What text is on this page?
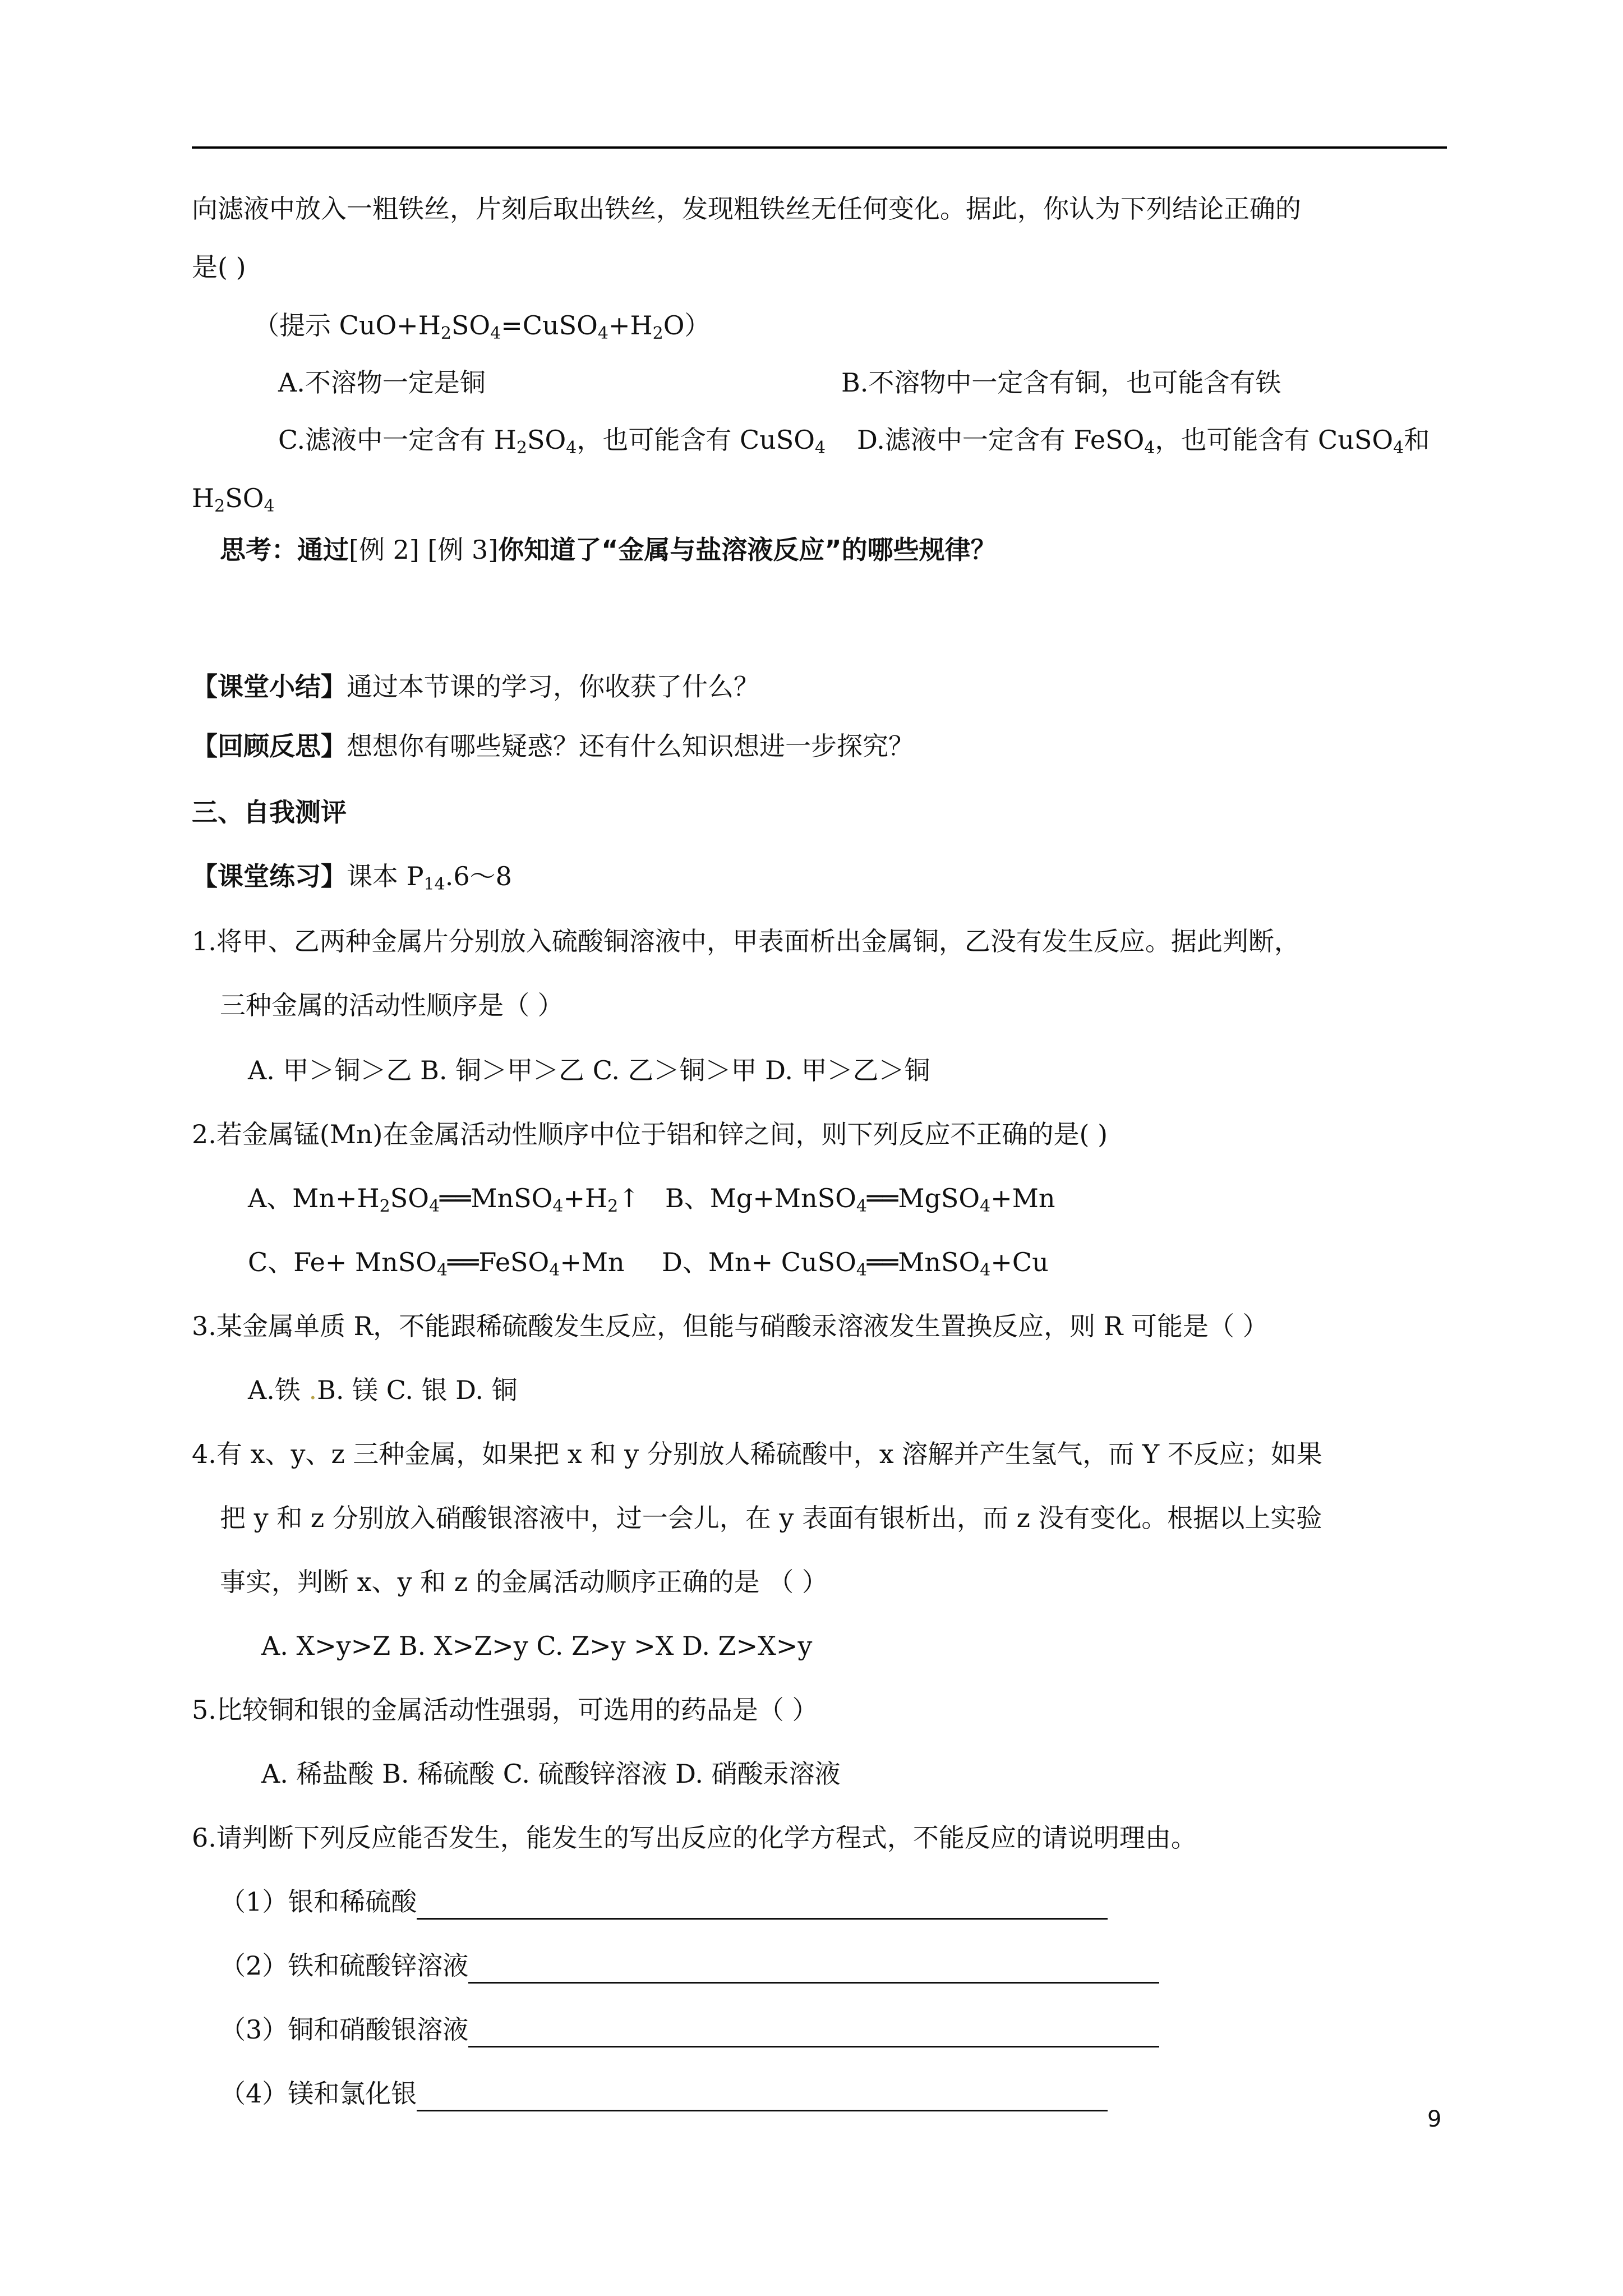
向滤液中放入一粗铁丝，片刻后取出铁丝，发现粗铁丝无任何变化。据此，你认为下列结论正确的
是( )
（提示 $CuO+H_2SO_4=CuSO_4+H_2O$）
A.不溶物一定是铜	B.不溶物中一定含有铜，也可能含有铁
C.滤液中一定含有 $H_2SO_4$，也可能含有 CuSO$_4$ D.滤液中一定含有 FeSO$_4$，也可能含有 CuSO$_4$和
$H_2SO_4$
思考：通过[例 2] [例 3]你知道了“金属与盐溶液反应”的哪些规律？
【课堂小结】通过本节课的学习，你收获了什么？
【回顾反思】想想你有哪些疑惑？还有什么知识想进一步探究？
三、自我测评
【课堂练习】课本 $P_{14}.6\sim 8$
1.将甲、乙两种金属片分别放入硫酸铜溶液中，甲表面析出金属铜，乙没有发生反应。据此判断，
三种金属的活动性顺序是（ ）
A. 甲＞铜＞乙 B. 铜＞甲＞乙 C. 乙＞铜＞甲 D. 甲＞乙＞铜
2.若金属锰(Mn)在金属活动性顺序中位于铝和锌之间，则下列反应不正确的是( )
A、$Mn+H_2SO_4══MnSO_4+H_2↑$ B、Mg+MnSO$_4$══MgSO$_4$+Mn
C、Fe+ MnSO$_4$══FeSO$_4$+Mn D、Mn+ CuSO$_4$══MnSO$_4$+Cu
3.某金属单质 R，不能跟稀硫酸发生反应，但能与硝酸汞溶液发生置换反应，则 R 可能是（ ）
A.铁 .B. 镁 C. 银 D. 铜
4.有 x、y、z 三种金属，如果把 x 和 y 分别放人稀硫酸中，x 溶解并产生氢气，而 Y 不反应；如果
把 y 和 z 分别放入硝酸银溶液中，过一会儿，在 y 表面有银析出，而 z 没有变化。根据以上实验
事实，判断 x、y 和 z 的金属活动顺序正确的是 （ ）
A. X>y>Z B. X>Z>y C. Z>y >X D. Z>X>y
5.比较铜和银的金属活动性强弱，可选用的药品是（ ）
A. 稀盐酸 B. 稀硫酸 C. 硫酸锌溶液 D. 硝酸汞溶液
6.请判断下列反应能否发生，能发生的写出反应的化学方程式，不能反应的请说明理由。
（1）银和稀硫酸
（2）铁和硫酸锌溶液
（3）铜和硝酸银溶液
（4）镁和氯化银
9
